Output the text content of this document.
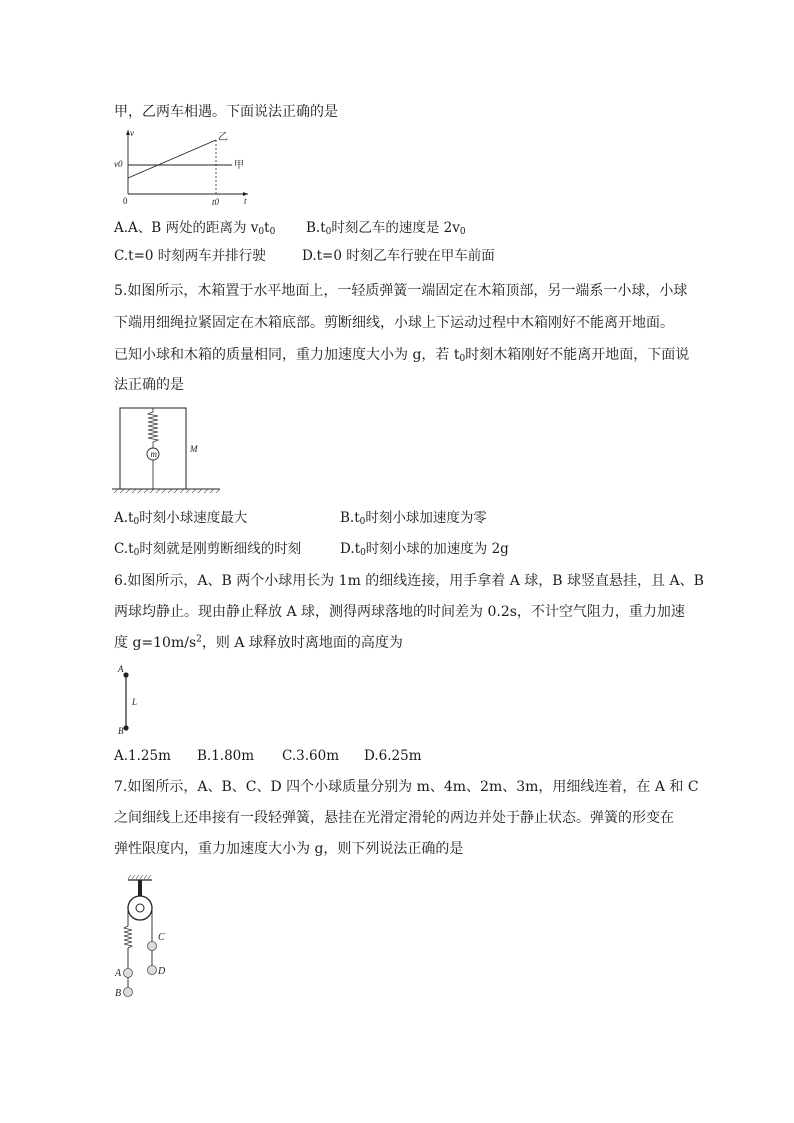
甲，乙两车相遇。下面说法正确的是
v
t
0
v0
t0
甲
乙
A.A、B 两处的距离为 $v_0t_0$ $B.t_0$时刻乙车的速度是 $2v_0$
C.t=0 时刻两车并排行驶	D.t=0 时刻乙车行驶在甲车前面
5.如图所示，木箱置于水平地面上，一轻质弹簧一端固定在木箱顶部，另一端系一小球，小球
下端用细绳拉紧固定在木箱底部。剪断细线，小球上下运动过程中木箱刚好不能离开地面。
已知小球和木箱的质量相同，重力加速度大小为 g，若 $t_0$时刻木箱刚好不能离开地面，下面说
法正确的是
m	M
$A.t_0$时刻小球速度最大	$B.t_0$时刻小球加速度为零
$C.t_0$时刻就是刚剪断细线的时刻	$D.t_0$时刻小球的加速度为 2g
6.如图所示，A、B 两个小球用长为 1m 的细线连接，用手拿着 A 球，B 球竖直悬挂，且 A、B
两球均静止。现由静止释放 A 球，测得两球落地的时间差为 0.2s，不计空气阻力，重力加速
度 $g=10m/s^2$，则 A 球释放时离地面的高度为
A
B
L
A.1.25m B.1.80m C.3.60m D.6.25m
7.如图所示，A、B、C、D 四个小球质量分别为 m、4m、2m、3m，用细线连着，在 A 和 C
之间细线上还串接有一段轻弹簧，悬挂在光滑定滑轮的两边并处于静止状态。弹簧的形变在
弹性限度内，重力加速度大小为 g，则下列说法正确的是
A
B
C
D
